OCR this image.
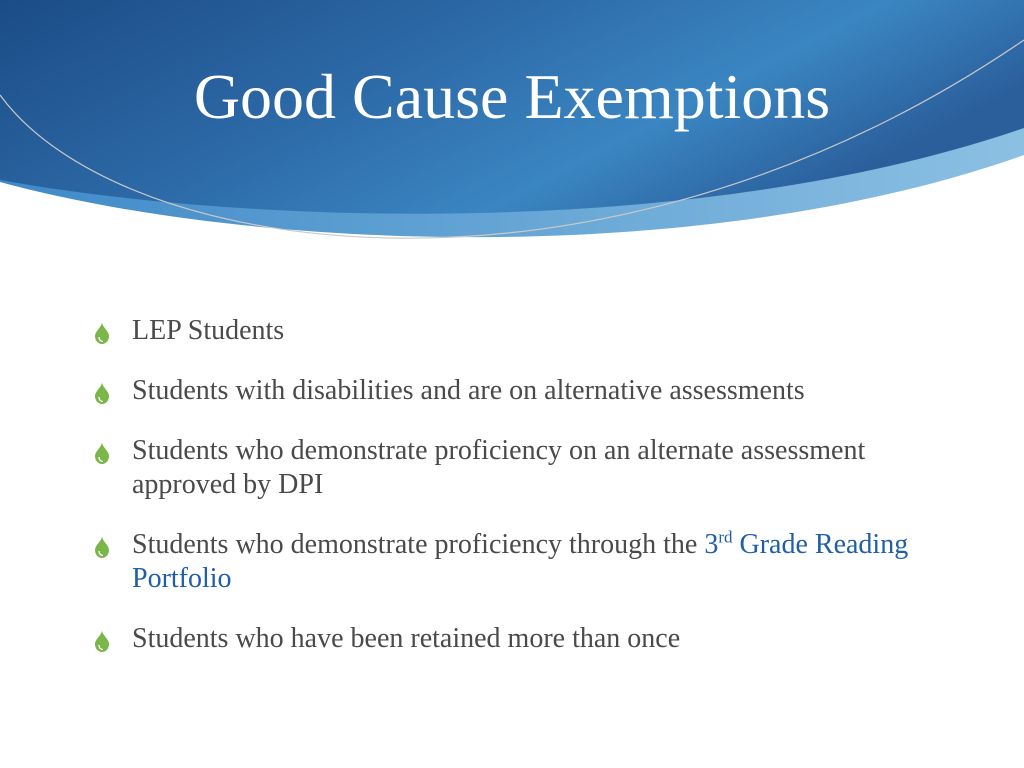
Good Cause Exemptions
LEP Students
Students with disabilities and are on alternative assessments
Students who demonstrate proficiency on an alternate assessment approved by DPI
Students who demonstrate proficiency through the 3rd Grade Reading Portfolio
Students who have been retained more than once
